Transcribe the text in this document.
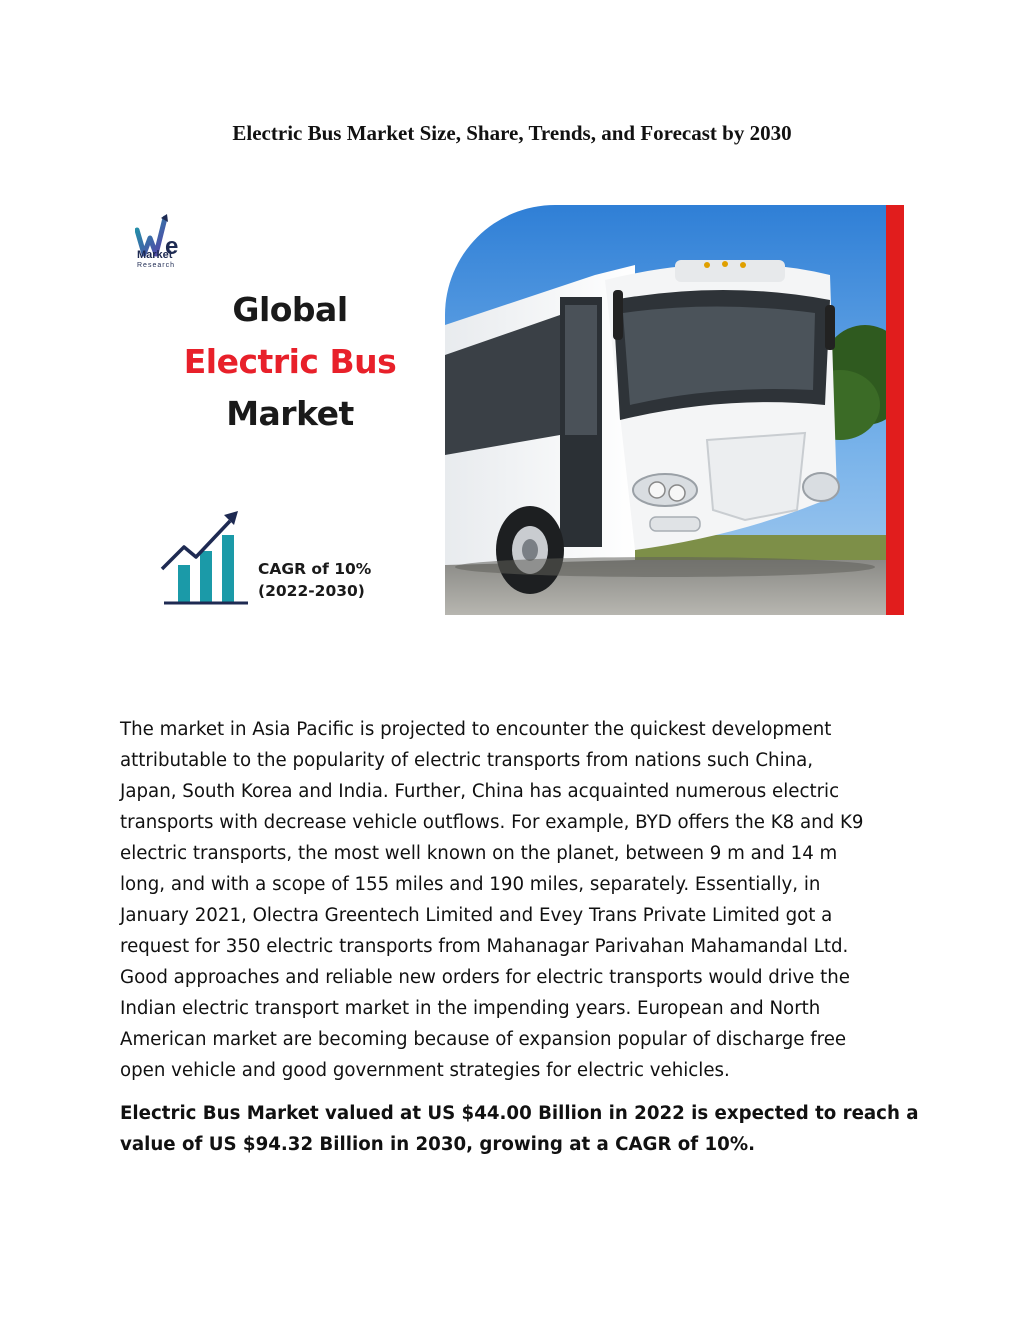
Electric Bus Market Size, Share, Trends, and Forecast by 2030
e
Market
Research
Global
Electric Bus
Market
CAGR of 10%
(2022-2030)
The market in Asia Pacific is projected to encounter the quickest development
attributable to the popularity of electric transports from nations such China,
Japan, South Korea and India. Further, China has acquainted numerous electric
transports with decrease vehicle outflows. For example, BYD offers the K8 and K9
electric transports, the most well known on the planet, between 9 m and 14 m
long, and with a scope of 155 miles and 190 miles, separately. Essentially, in
January 2021, Olectra Greentech Limited and Evey Trans Private Limited got a
request for 350 electric transports from Mahanagar Parivahan Mahamandal Ltd.
Good approaches and reliable new orders for electric transports would drive the
Indian electric transport market in the impending years. European and North
American market are becoming because of expansion popular of discharge free
open vehicle and good government strategies for electric vehicles.
Electric Bus Market valued at US $44.00 Billion in 2022 is expected to reach a
value of US $94.32 Billion in 2030, growing at a CAGR of 10%.
